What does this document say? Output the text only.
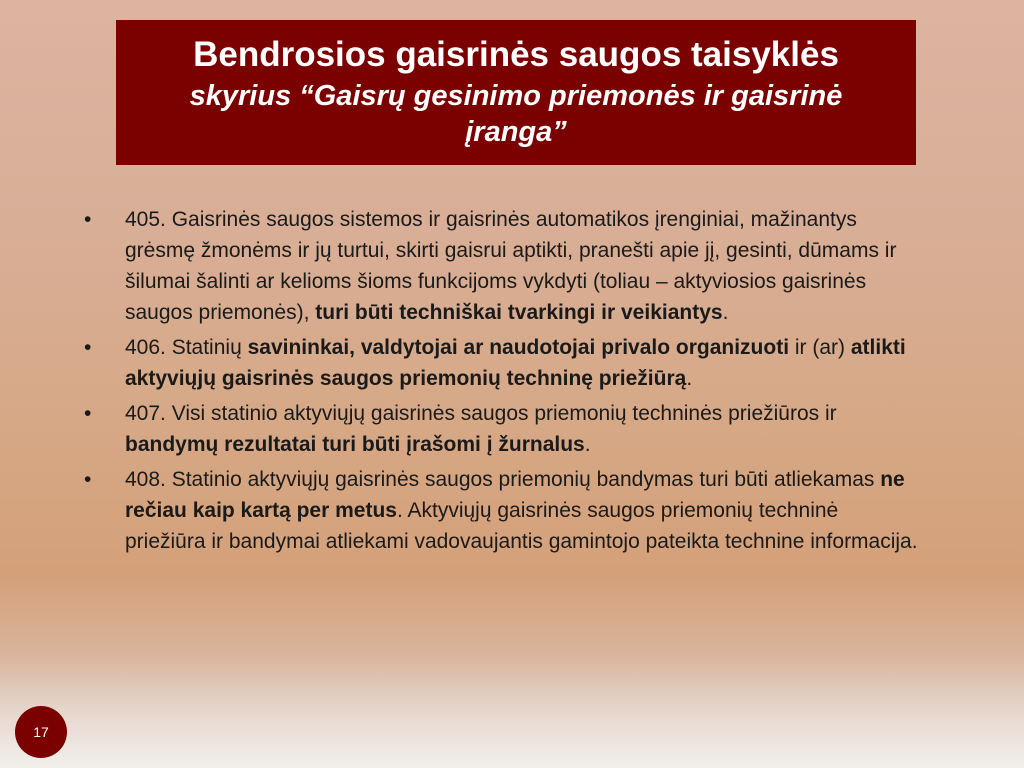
Bendrosios gaisrinės saugos taisyklės
skyrius “Gaisrų gesinimo priemonės ir gaisrinė įranga”
•	405. Gaisrinės saugos sistemos ir gaisrinės automatikos įrenginiai, mažinantys grėsmę žmonėms ir jų turtui, skirti gaisrui aptikti, pranešti apie jį, gesinti, dūmams ir šilumai šalinti ar kelioms šioms funkcijoms vykdyti (toliau – aktyviosios gaisrinės saugos priemonės), turi būti techniškai tvarkingi ir veikiantys.
•	406. Statinių savininkai, valdytojai ar naudotojai privalo organizuoti ir (ar) atlikti aktyviųjų gaisrinės saugos priemonių techninę priežiūrą.
•	407. Visi statinio aktyviųjų gaisrinės saugos priemonių techninės priežiūros ir bandymų rezultatai turi būti įrašomi į žurnalus.
•	408. Statinio aktyviųjų gaisrinės saugos priemonių bandymas turi būti atliekamas ne rečiau kaip kartą per metus. Aktyviųjų gaisrinės saugos priemonių techninė priežiūra ir bandymai atliekami vadovaujantis gamintojo pateikta technine informacija.
17
